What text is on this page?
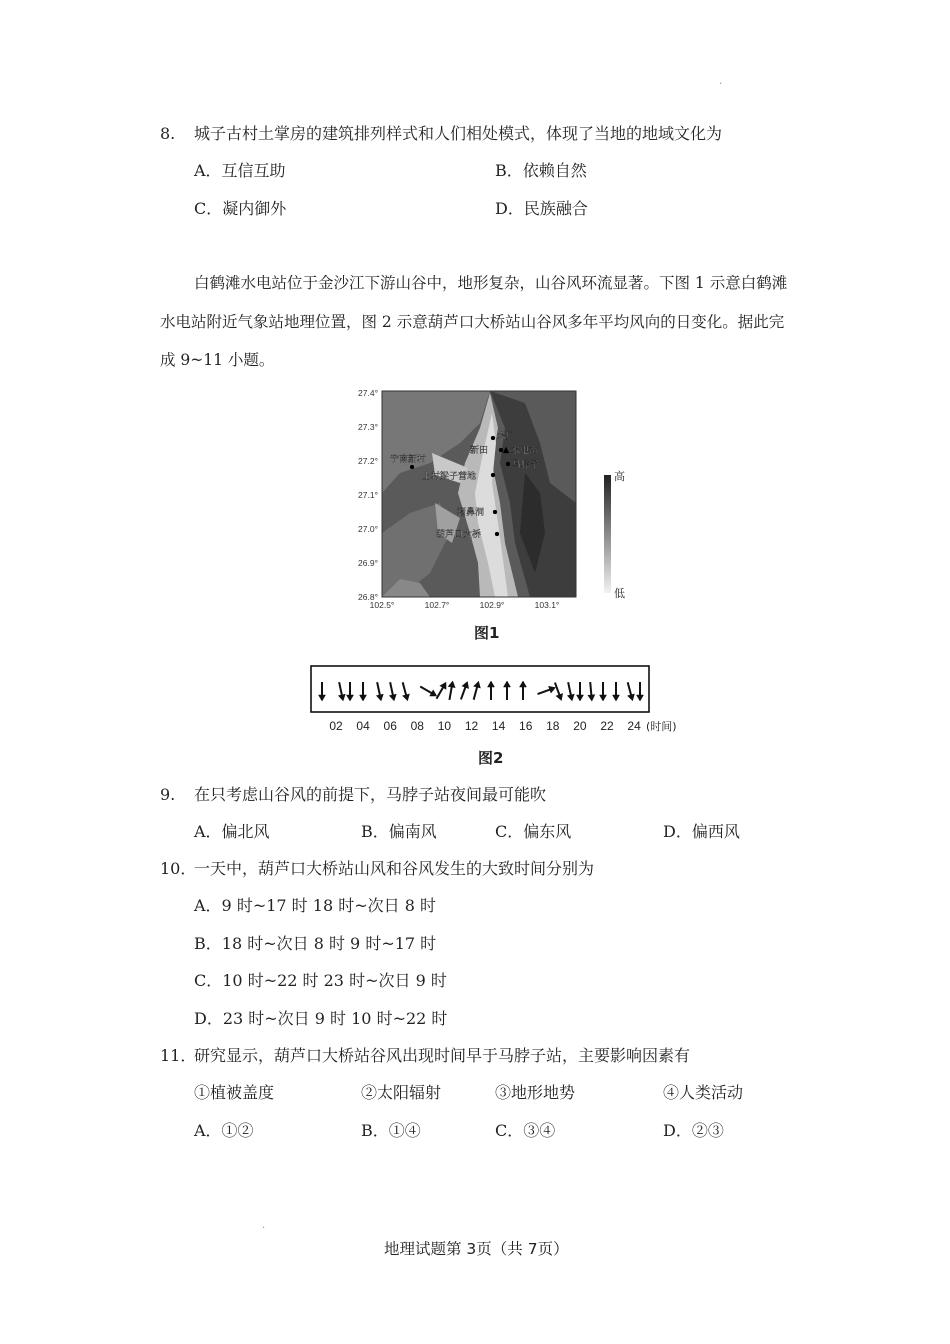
.
.
8. 城子古村土掌房的建筑排列样式和人们相处模式，体现了当地的地域文化为
A．互信互助	B．依赖自然
C．凝内御外	D．民族融合
白鹤滩水电站位于金沙江下游山谷中，地形复杂，山谷风环流显著。下图 1 示意白鹤滩
水电站附近气象站地理位置，图 2 示意葫芦口大桥站山谷风多年平均风向的日变化。据此完
成 9~11 小题。
27.4°
27.3°
27.2°
27.1°
27.0°
26.9°
26.8°
102.5°	102.7°	102.9°	103.1°
水厂
新田	水电站
马脖子
宁南新村
上村梁子营地
猪鼻洞
葫芦口大桥
高
低
图1
02 04 06 08 10 12 14 16 18 20 22 24 (时间)
图2
9. 在只考虑山谷风的前提下，马脖子站夜间最可能吹
A．偏北风	B．偏南风	C．偏东风	D．偏西风
10．
一天中，葫芦口大桥站山风和谷风发生的大致时间分别为
A．9 时~17 时 18 时~次日 8 时
B．18 时~次日 8 时 9 时~17 时
C．10 时~22 时 23 时~次日 9 时
D．23 时~次日 9 时 10 时~22 时
11．
研究显示，葫芦口大桥站谷风出现时间早于马脖子站，主要影响因素有
①植被盖度	②太阳辐射	③地形地势	④人类活动
A．①②	B．①④	C．③④	D．②③
地理试题第 3页（共 7页）
